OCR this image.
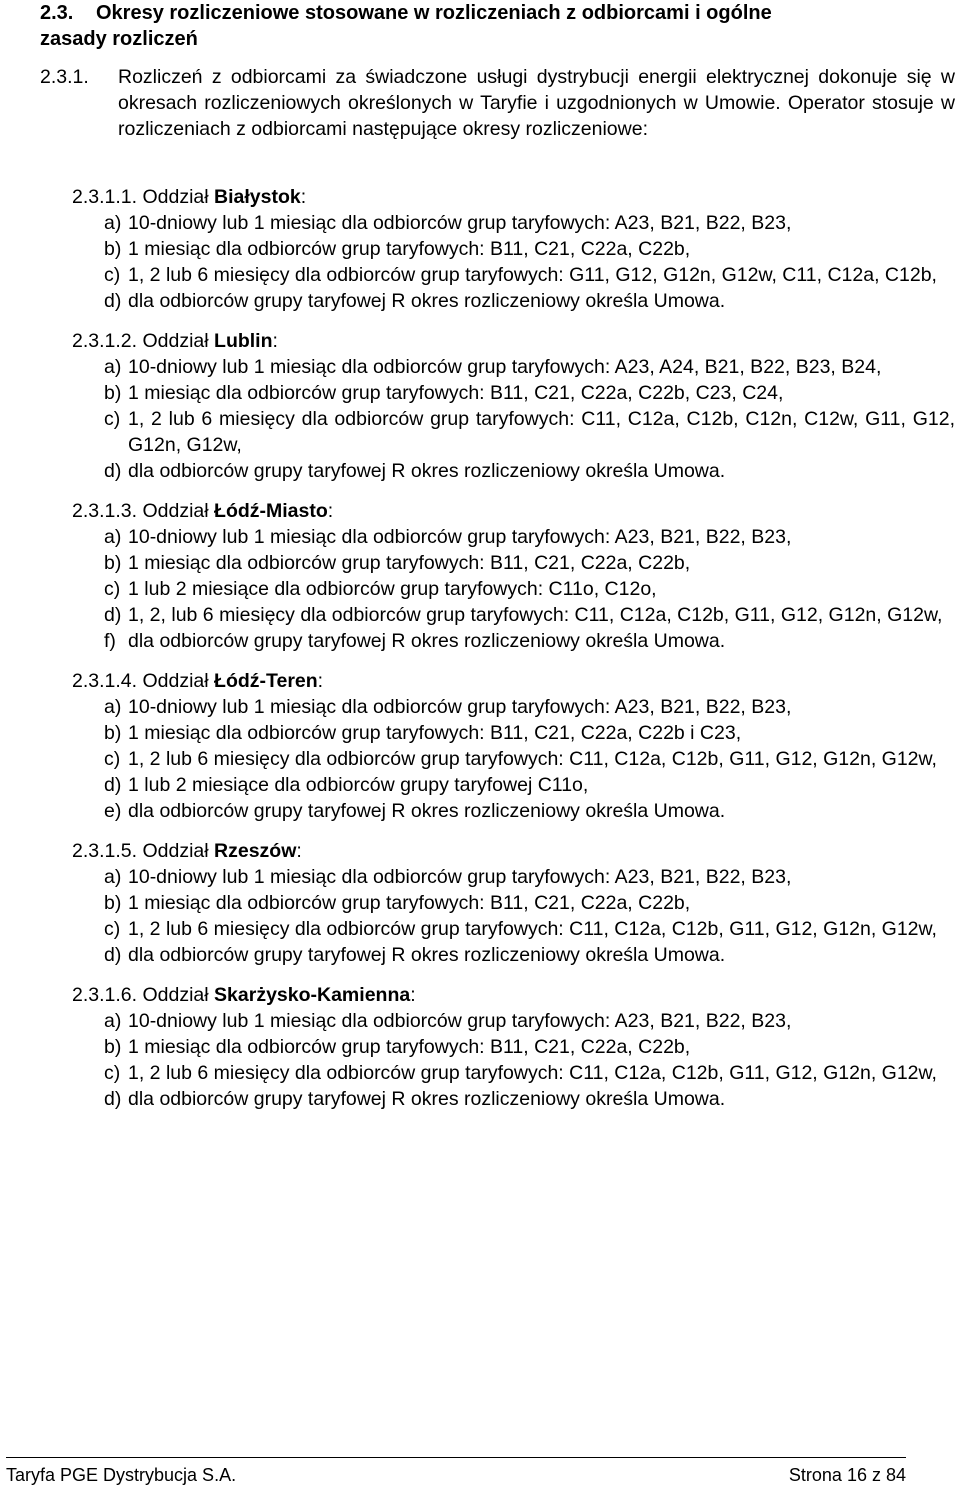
2.3. Okresy rozliczeniowe stosowane w rozliczeniach z odbiorcami i ogólne
zasady rozliczeń
2.3.1.	Rozliczeń z odbiorcami za świadczone usługi dystrybucji energii elektrycznej dokonuje się w okresach rozliczeniowych określonych w Taryfie i uzgodnionych w Umowie. Operator stosuje w rozliczeniach z odbiorcami następujące okresy rozliczeniowe:
2.3.1.1. Oddział Białystok:
a) 10-dniowy lub 1 miesiąc dla odbiorców grup taryfowych: A23, B21, B22, B23,
b) 1 miesiąc dla odbiorców grup taryfowych: B11, C21, C22a, C22b,
c) 1, 2 lub 6 miesięcy dla odbiorców grup taryfowych: G11, G12, G12n, G12w, C11, C12a, C12b,
d) dla odbiorców grupy taryfowej R okres rozliczeniowy określa Umowa.
2.3.1.2. Oddział Lublin:
a) 10-dniowy lub 1 miesiąc dla odbiorców grup taryfowych: A23, A24, B21, B22, B23, B24,
b) 1 miesiąc dla odbiorców grup taryfowych: B11, C21, C22a, C22b, C23, C24,
c) 1, 2 lub 6 miesięcy dla odbiorców grup taryfowych: C11, C12a, C12b, C12n, C12w, G11, G12, G12n, G12w,
d) dla odbiorców grupy taryfowej R okres rozliczeniowy określa Umowa.
2.3.1.3. Oddział Łódź-Miasto:
a) 10-dniowy lub 1 miesiąc dla odbiorców grup taryfowych: A23, B21, B22, B23,
b) 1 miesiąc dla odbiorców grup taryfowych: B11, C21, C22a, C22b,
c) 1 lub 2 miesiące dla odbiorców grup taryfowych: C11o, C12o,
d) 1, 2, lub 6 miesięcy dla odbiorców grup taryfowych: C11, C12a, C12b, G11, G12, G12n, G12w,
f) dla odbiorców grupy taryfowej R okres rozliczeniowy określa Umowa.
2.3.1.4. Oddział Łódź-Teren:
a) 10-dniowy lub 1 miesiąc dla odbiorców grup taryfowych: A23, B21, B22, B23,
b) 1 miesiąc dla odbiorców grup taryfowych: B11, C21, C22a, C22b i C23,
c) 1, 2 lub 6 miesięcy dla odbiorców grup taryfowych: C11, C12a, C12b, G11, G12, G12n, G12w,
d) 1 lub 2 miesiące dla odbiorców grupy taryfowej C11o,
e) dla odbiorców grupy taryfowej R okres rozliczeniowy określa Umowa.
2.3.1.5. Oddział Rzeszów:
a) 10-dniowy lub 1 miesiąc dla odbiorców grup taryfowych: A23, B21, B22, B23,
b) 1 miesiąc dla odbiorców grup taryfowych: B11, C21, C22a, C22b,
c) 1, 2 lub 6 miesięcy dla odbiorców grup taryfowych: C11, C12a, C12b, G11, G12, G12n, G12w,
d) dla odbiorców grupy taryfowej R okres rozliczeniowy określa Umowa.
2.3.1.6. Oddział Skarżysko-Kamienna:
a) 10-dniowy lub 1 miesiąc dla odbiorców grup taryfowych: A23, B21, B22, B23,
b) 1 miesiąc dla odbiorców grup taryfowych: B11, C21, C22a, C22b,
c) 1, 2 lub 6 miesięcy dla odbiorców grup taryfowych: C11, C12a, C12b, G11, G12, G12n, G12w,
d) dla odbiorców grupy taryfowej R okres rozliczeniowy określa Umowa.
Taryfa PGE Dystrybucja S.A.	Strona 16 z 84
